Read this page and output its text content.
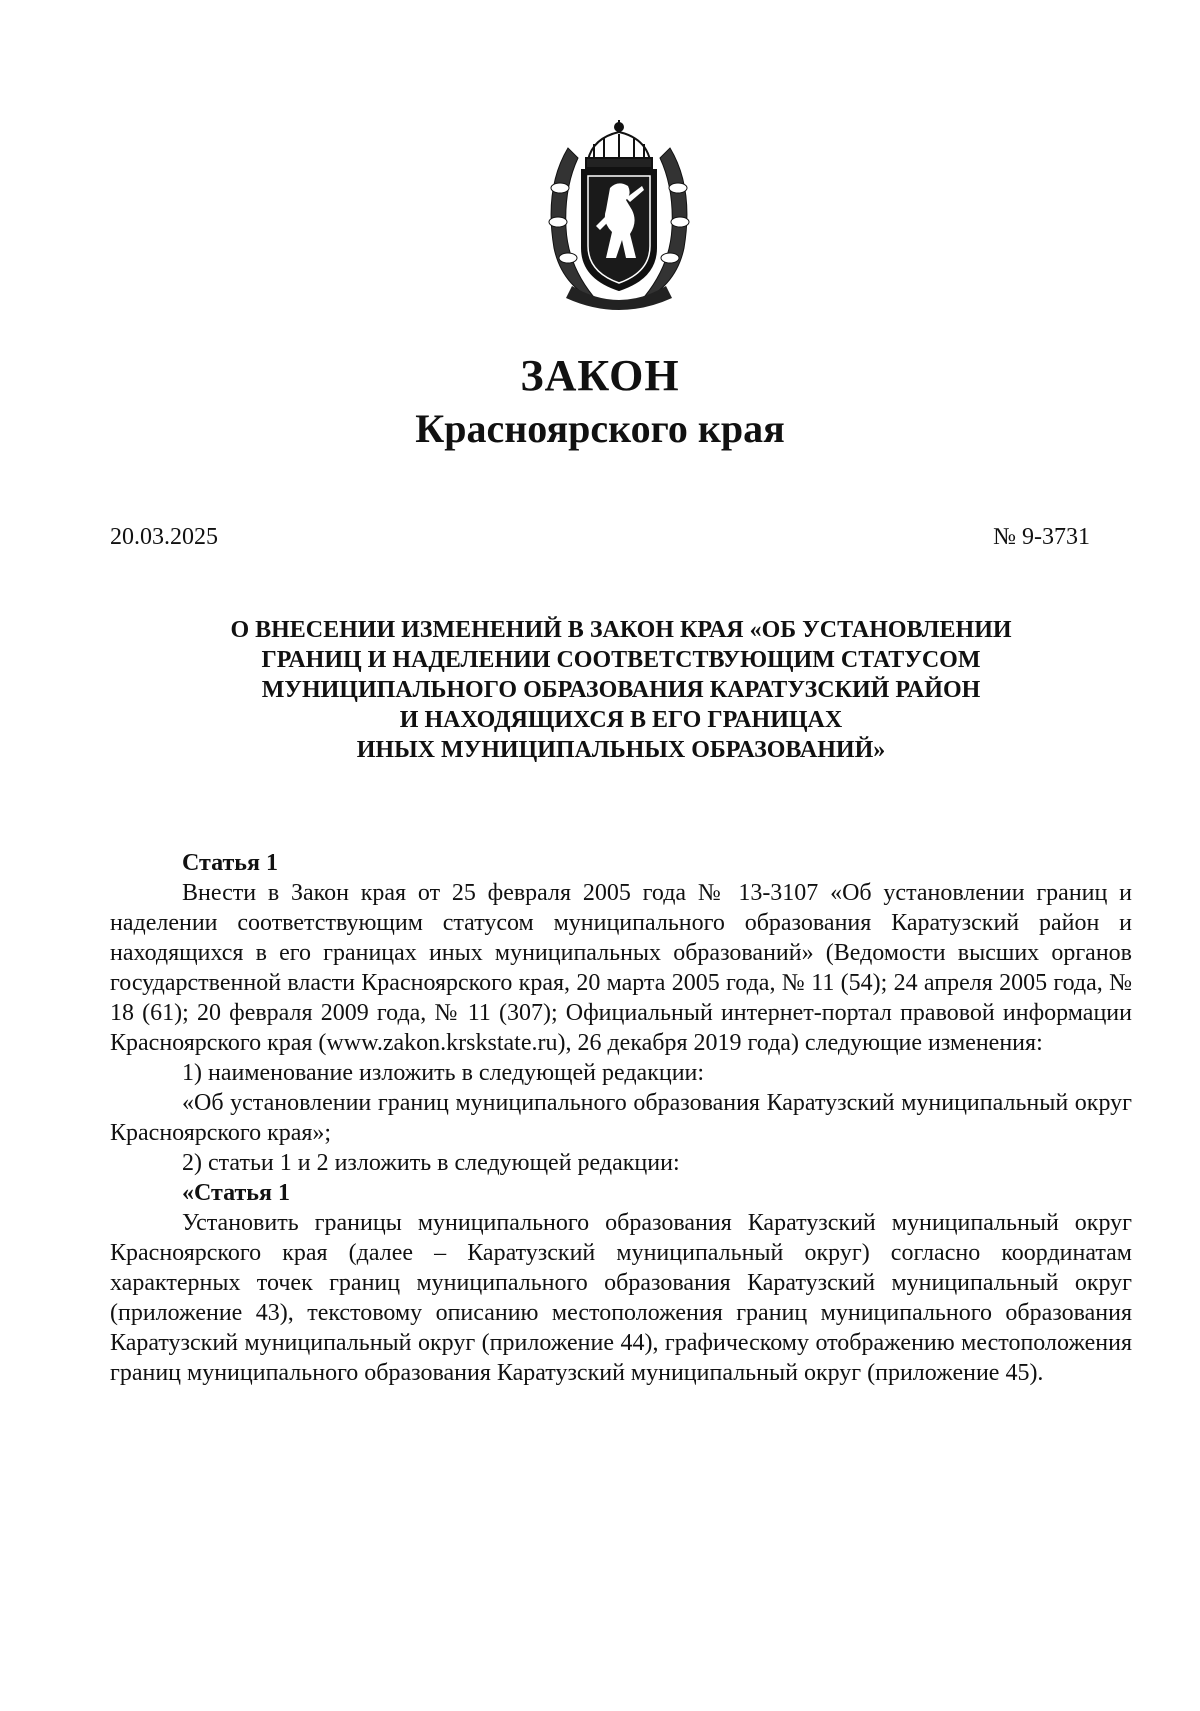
ЗАКОН
Красноярского края
20.03.2025	№ 9-3731
О ВНЕСЕНИИ ИЗМЕНЕНИЙ В ЗАКОН КРАЯ «ОБ УСТАНОВЛЕНИИ
ГРАНИЦ И НАДЕЛЕНИИ СООТВЕТСТВУЮЩИМ СТАТУСОМ
МУНИЦИПАЛЬНОГО ОБРАЗОВАНИЯ КАРАТУЗСКИЙ РАЙОН
И НАХОДЯЩИХСЯ В ЕГО ГРАНИЦАХ
ИНЫХ МУНИЦИПАЛЬНЫХ ОБРАЗОВАНИЙ»

Статья 1

Внести в Закон края от 25 февраля 2005 года № 13-3107 «Об установлении границ и наделении соответствующим статусом муниципального образования Каратузский район и находящихся в его границах иных муниципальных образований» (Ведомости высших органов государственной власти Красноярского края, 20 марта 2005 года, № 11 (54); 24 апреля 2005 года, № 18 (61); 20 февраля 2009 года, № 11 (307); Официальный интернет-портал правовой информации Красноярского края (www.zakon.krskstate.ru), 26 декабря 2019 года) следующие изменения:

1) наименование изложить в следующей редакции:

«Об установлении границ муниципального образования Каратузский муниципальный округ Красноярского края»;

2) статьи 1 и 2 изложить в следующей редакции:

«Статья 1

Установить границы муниципального образования Каратузский муниципальный округ Красноярского края (далее – Каратузский муниципальный округ) согласно координатам характерных точек границ муниципального образования Каратузский муниципальный округ (приложение 43), текстовому описанию местоположения границ муниципального образования Каратузский муниципальный округ (приложение 44), графическому отображению местоположения границ муниципального образования Каратузский муниципальный округ (приложение 45).
